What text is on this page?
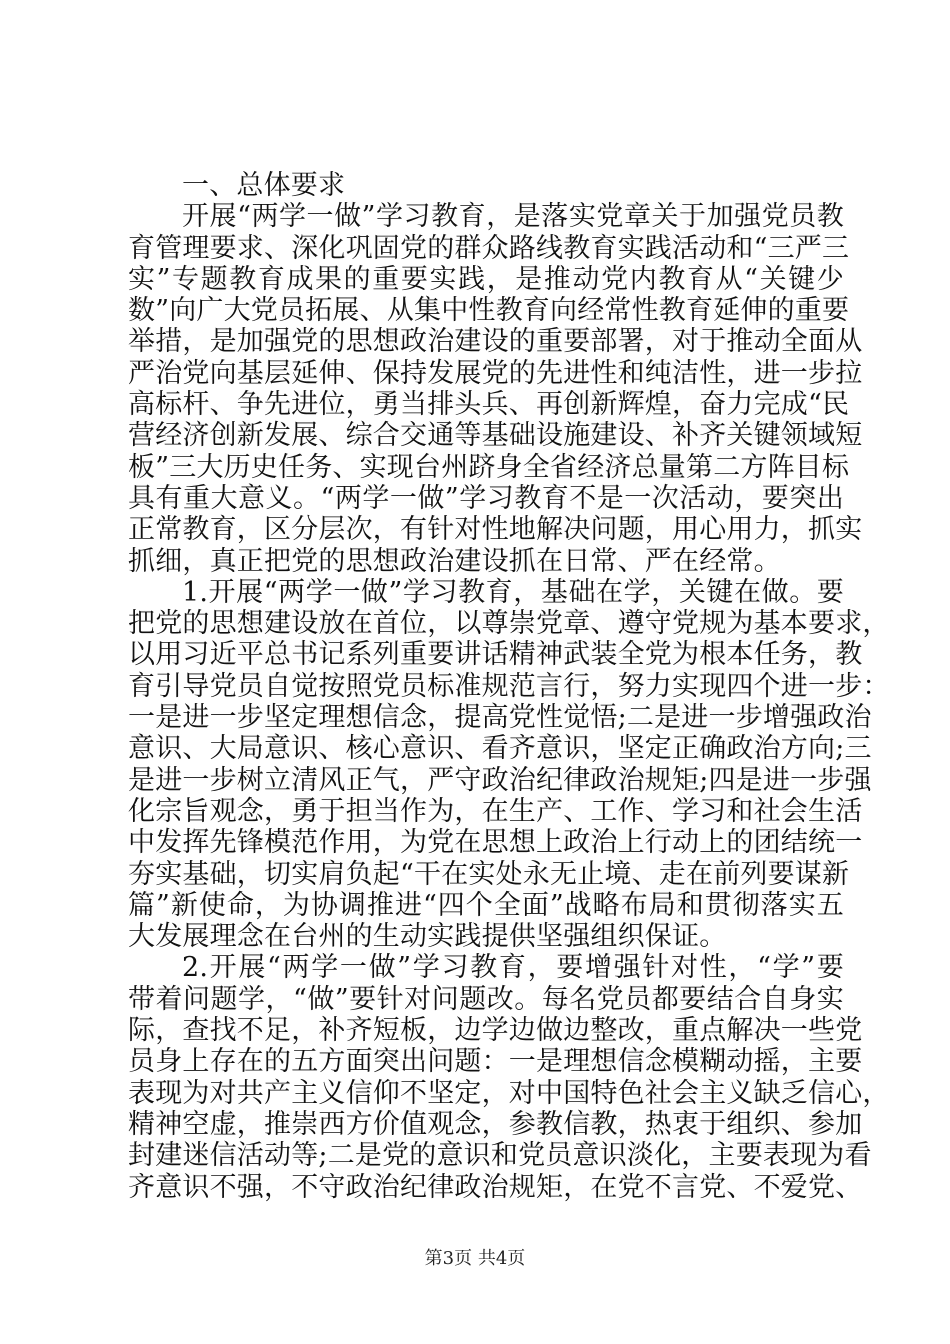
一、总体要求
开展“两学一做”学习教育，是落实党章关于加强党员教
育管理要求、深化巩固党的群众路线教育实践活动和“三严三
实”专题教育成果的重要实践，是推动党内教育从“关键少
数”向广大党员拓展、从集中性教育向经常性教育延伸的重要
举措，是加强党的思想政治建设的重要部署，对于推动全面从
严治党向基层延伸、保持发展党的先进性和纯洁性，进一步拉
高标杆、争先进位，勇当排头兵、再创新辉煌，奋力完成“民
营经济创新发展、综合交通等基础设施建设、补齐关键领域短
板”三大历史任务、实现台州跻身全省经济总量第二方阵目标
具有重大意义。“两学一做”学习教育不是一次活动，要突出
正常教育，区分层次，有针对性地解决问题，用心用力，抓实
抓细，真正把党的思想政治建设抓在日常、严在经常。
1.开展“两学一做”学习教育，基础在学，关键在做。要
把党的思想建设放在首位，以尊崇党章、遵守党规为基本要求，
以用习近平总书记系列重要讲话精神武装全党为根本任务，教
育引导党员自觉按照党员标准规范言行，努力实现四个进一步：
一是进一步坚定理想信念，提高党性觉悟;二是进一步增强政治
意识、大局意识、核心意识、看齐意识，坚定正确政治方向;三
是进一步树立清风正气，严守政治纪律政治规矩;四是进一步强
化宗旨观念，勇于担当作为，在生产、工作、学习和社会生活
中发挥先锋模范作用，为党在思想上政治上行动上的团结统一
夯实基础，切实肩负起“干在实处永无止境、走在前列要谋新
篇”新使命，为协调推进“四个全面”战略布局和贯彻落实五
大发展理念在台州的生动实践提供坚强组织保证。
2.开展“两学一做”学习教育，要增强针对性，“学”要
带着问题学，“做”要针对问题改。每名党员都要结合自身实
际，查找不足，补齐短板，边学边做边整改，重点解决一些党
员身上存在的五方面突出问题：一是理想信念模糊动摇，主要
表现为对共产主义信仰不坚定，对中国特色社会主义缺乏信心，
精神空虚，推崇西方价值观念，参教信教，热衷于组织、参加
封建迷信活动等;二是党的意识和党员意识淡化，主要表现为看
齐意识不强，不守政治纪律政治规矩，在党不言党、不爱党、
第3页 共4页
